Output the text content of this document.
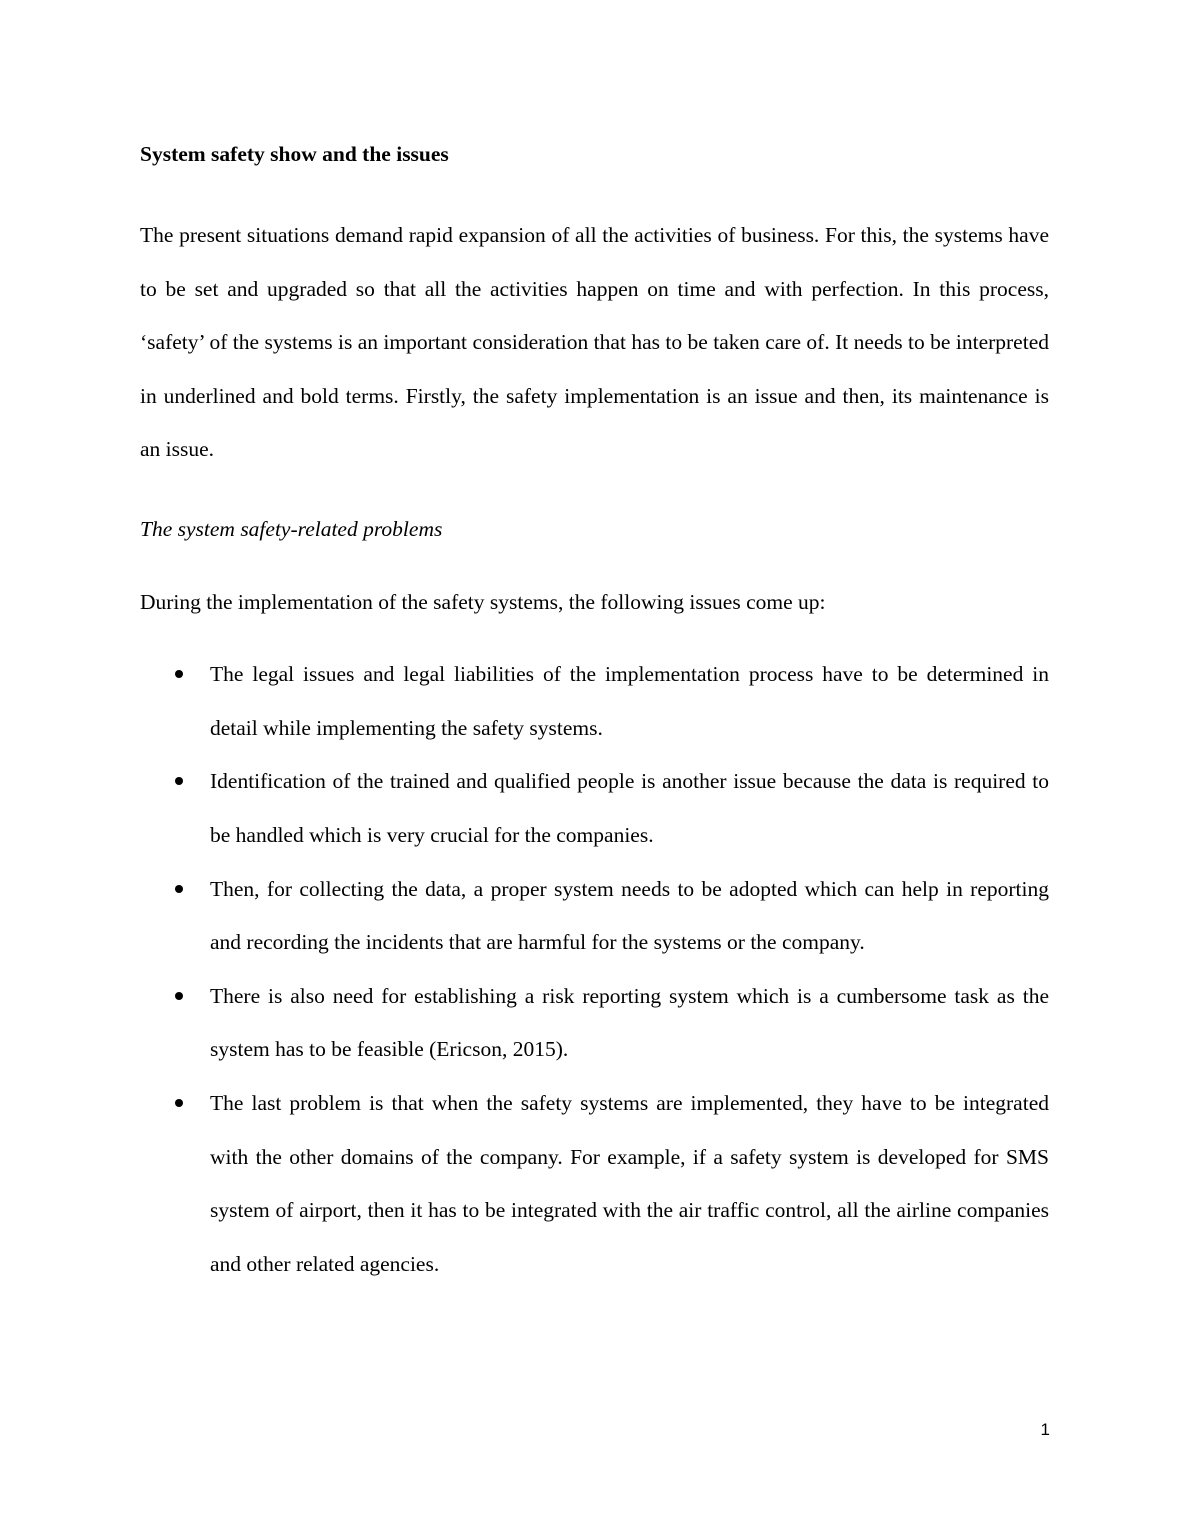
System safety show and the issues

The present situations demand rapid expansion of all the activities of business. For this, the systems have to be set and upgraded so that all the activities happen on time and with perfection. In this process, ‘safety’ of the systems is an important consideration that has to be taken care of. It needs to be interpreted in underlined and bold terms. Firstly, the safety implementation is an issue and then, its maintenance is an issue.

The system safety-related problems

During the implementation of the safety systems, the following issues come up:

The legal issues and legal liabilities of the implementation process have to be determined in detail while implementing the safety systems.
Identification of the trained and qualified people is another issue because the data is required to be handled which is very crucial for the companies.
Then, for collecting the data, a proper system needs to be adopted which can help in reporting and recording the incidents that are harmful for the systems or the company.
There is also need for establishing a risk reporting system which is a cumbersome task as the system has to be feasible (Ericson, 2015).
The last problem is that when the safety systems are implemented, they have to be integrated with the other domains of the company. For example, if a safety system is developed for SMS system of airport, then it has to be integrated with the air traffic control, all the airline companies and other related agencies.
1
